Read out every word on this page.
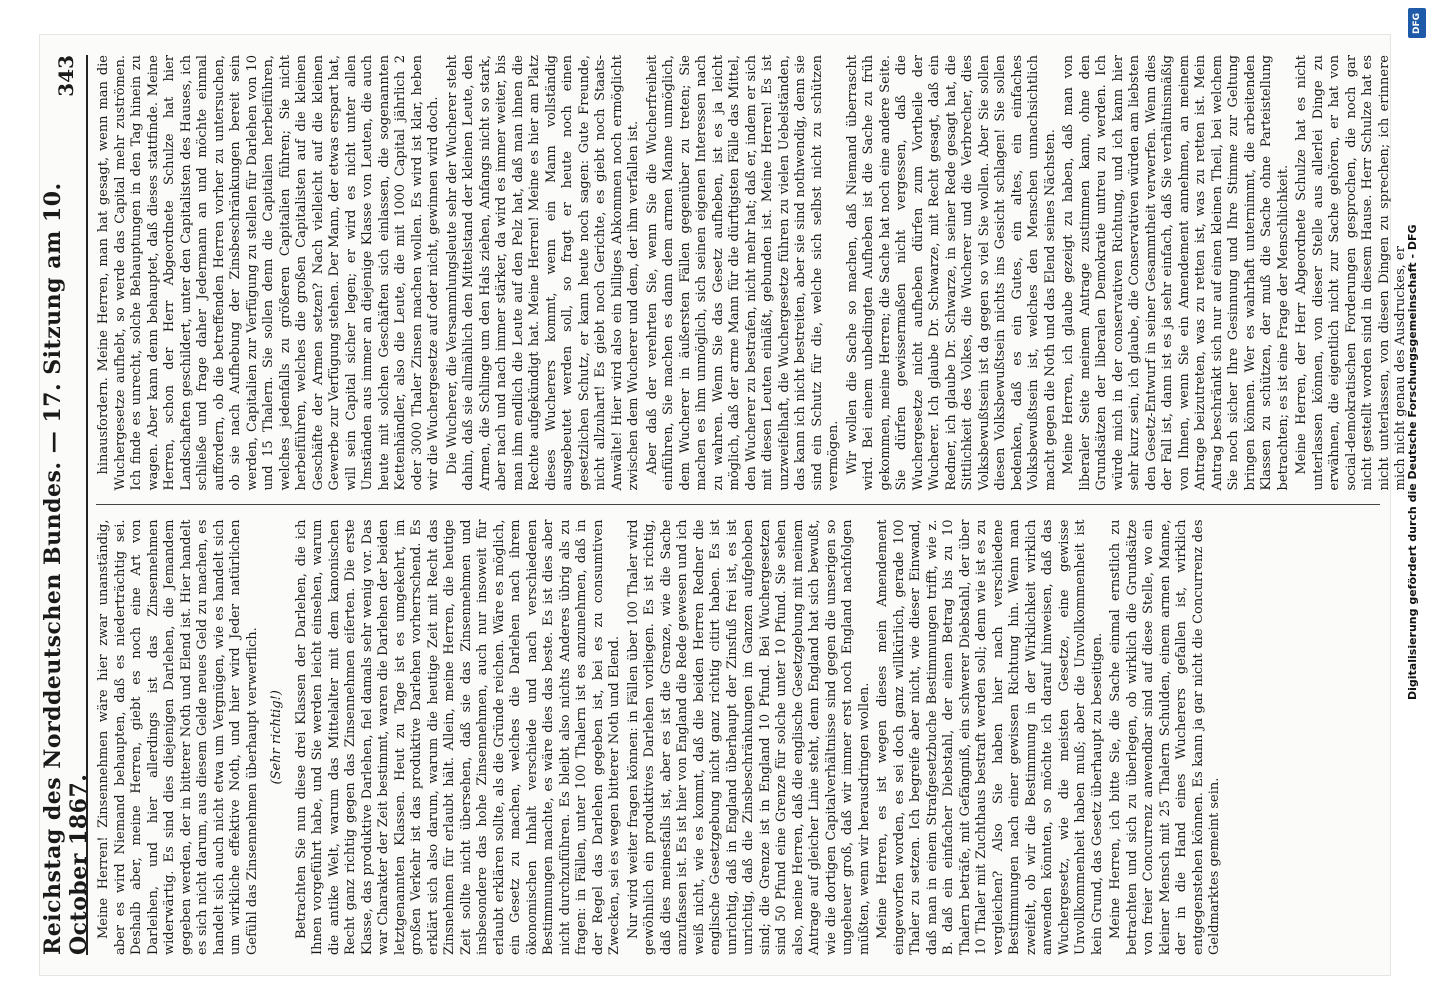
Reichstag des Norddeutschen Bundes. — 17. Sitzung am 10. October 1867.
343

Meine Herren! Zinsennehmen wäre hier zwar unanständig, aber es wird Niemand behaupten, daß es niederträchtig sei. Deshalb aber, meine Herren, giebt es noch eine Art von Darleihen, und hier allerdings ist das Zinsennehmen widerwärtig. Es sind dies diejenigen Darlehen, die Jemandem gegeben werden, der in bitterer Noth und Elend ist. Hier handelt es sich nicht darum, aus diesem Gelde neues Geld zu machen, es handelt sich auch nicht etwa um Vergnügen, wie es handelt sich um wirkliche effektive Noth, und hier wird Jeder natürlichen Gefühl das Zinsennehmen überhaupt verwerflich. (Sehr richtig!) Betrachten Sie nun diese drei Klassen der Darlehen, die ich Ihnen vorgeführt habe, und Sie werden leicht einsehen, warum die antike Welt, warum das Mittelalter mit dem kanonischen Recht ganz richtig gegen das Zinsennehmen eiferten. Die erste Klasse, das produktive Darlehen, fiel damals sehr wenig vor. Das war Charakter der Zeit bestimmt, waren die Darlehen der beiden letztgenannten Klassen. Heut zu Tage ist es umgekehrt, im großen Verkehr ist das produktive Darlehen vorherrschend. Es erklärt sich also darum, warum die heutige Zeit mit Recht das Zinsnehmen für erlaubt hält. Allein, meine Herren, die heutige Zeit sollte nicht übersehen, daß sie das Zinsennehmen und insbesondere das hohe Zinsennehmen, auch nur insoweit für erlaubt erklären sollte, als die Gründe reichen. Wäre es möglich, ein Gesetz zu machen, welches die Darlehen nach ihrem ökonomischen Inhalt verschiede und nach verschiedenen Bestimmungen machte, es wäre dies das beste. Es ist dies aber nicht durchzuführen. Es bleibt also nichts Anderes übrig als zu fragen: in Fällen, unter 100 Thalern ist es anzunehmen, daß in der Regel das Darlehen gegeben ist, bei es zu consumtiven Zwecken, sei es wegen bitterer Noth und Elend. Nur wird weiter fragen können: in Fällen über 100 Thaler wird gewöhnlich ein produktives Darlehen vorliegen. Es ist richtig, daß dies meinesfalls ist, aber es ist die Grenze, wie die Sache anzufassen ist. Es ist hier von England die Rede gewesen und ich weiß nicht, wie es kommt, daß die beiden Herren Redner die englische Gesetzgebung nicht ganz richtig citirt haben. Es ist unrichtig, daß in England überhaupt der Zinsfuß frei ist, es ist unrichtig, daß die Zinsbeschränkungen im Ganzen aufgehoben sind; die Grenze ist in England 10 Pfund. Bei Wuchergesetzen sind 50 Pfund eine Grenze für solche unter 10 Pfund. Sie sehen also, meine Herren, daß die englische Gesetzgebung mit meinem Antrage auf gleicher Linie steht, denn England hat sich bewußt, wie die dortigen Capitalverhältnisse sind gegen die unserigen so ungeheuer groß, daß wir immer erst noch England nachfolgen müßten, wenn wir herausdringen wollen. Meine Herren, es ist wegen dieses mein Amendement eingeworfen worden, es sei doch ganz willkürlich, gerade 100 Thaler zu setzen. Ich begreife aber nicht, wie dieser Einwand, daß man in einem Strafgesetzbuche Bestimmungen trifft, wie z. B. daß ein einfacher Diebstahl, der einen Betrag bis zu 10 Thalern beträfe, mit Gefängniß, ein schwerer Diebstahl, der über 10 Thaler mit Zuchthaus bestraft werden soll; denn wie ist es zu vergleichen? Also Sie haben hier nach verschiedene Bestimmungen nach einer gewissen Richtung hin. Wenn man zweifelt, ob wir die Bestimmung in der Wirklichkeit wirklich anwenden könnten, so möchte ich darauf hinweisen, daß das Wuchergesetz, wie die meisten Gesetze, eine gewisse Unvollkommenheit haben muß; aber die Unvollkommenheit ist kein Grund, das Gesetz überhaupt zu beseitigen. Meine Herren, ich bitte Sie, die Sache einmal ernstlich zu betrachten und sich zu überlegen, ob wirklich die Grundsätze von freier Concurrenz anwendbar sind auf diese Stelle, wo ein kleiner Mensch mit 25 Thalern Schulden, einem armen Manne, der in die Hand eines Wucherers gefallen ist, wirklich entgegenstehen können. Es kann ja gar nicht die Concurrenz des Geldmarktes gemeint sein.

hinausfordern. Meine Herren, man hat gesagt, wenn man die Wuchergesetze aufhebt, so werde das Capital mehr zuströmen. Ich finde es unrecht, solche Behauptungen in den Tag hinein zu wagen. Aber kann denn behauptet, daß dieses stattfinde. Meine Herren, schon der Herr Abgeordnete Schulze hat hier Landschaften geschildert, unter den Capitalisten des Hauses, ich schließe und frage daher Jedermann an und möchte einmal auffordern, ob die betreffenden Herren vorher zu untersuchen, ob sie nach Aufhebung der Zinsbeschränkungen bereit sein werden, Capitalien zur Verfügung zu stellen für Darlehen von 10 und 15 Thalern. Sie sollen denn die Capitalien herbeiführen, welches jedenfalls zu größeren Capitalien führen; Sie nicht herbeiführen, welches die großen Capitalisten auf die kleinen Geschäfte der Armen setzen? Nach vielleicht auf die kleinen Gewerbe zur Verfügung stehen. Der Mann, der etwas erspart hat, will sein Capital sicher legen; er wird es nicht unter allen Umständen aus immer an diejenige Klasse von Leuten, die auch heute mit solchen Geschäften sich einlassen, die sogenannten Kettenhändler, also die Leute, die mit 1000 Capital jährlich 2 oder 3000 Thaler Zinsen machen wollen. Es wird ist klar, heben wir die Wuchergesetze auf oder nicht, gewinnen wird doch. Die Wucherer, die Versammlungsleute sehr der Wucherer steht dahin, daß sie allmählich den Mittelstand der kleinen Leute, den Armen, die Schlinge um den Hals ziehen, Anfangs nicht so stark, aber nach und nach immer stärker, da wird es immer weiter, bis man ihm endlich die Leute auf den Pelz hat, daß man ihnen die Rechte aufgekündigt hat. Meine Herren! Meine es hier am Platz dieses Wucherers kommt, wenn ein Mann vollständig ausgebeutet werden soll, so fragt er heute noch einen gesetzlichen Schutz, er kann heute noch sagen: Gute Freunde, nicht allzuhart! Es giebt noch Gerichte, es giebt noch Staats-Anwälte! Hier wird also ein billiges Abkommen noch ermöglicht zwischen dem Wucherer und dem, der ihm verfallen ist. Aber daß der verehrten Sie, wenn Sie die Wucherfreiheit einführen, Sie machen es dann dem armen Manne unmöglich, dem Wucherer in äußersten Fällen gegenüber zu treten; Sie machen es ihm unmöglich, sich seinen eigenen Interessen nach zu wahren. Wenn Sie das Gesetz aufheben, ist es ja leicht möglich, daß der arme Mann für die dürftigsten Fälle das Mittel, den Wucherer zu bestrafen, nicht mehr hat; daß er, indem er sich mit diesen Leuten einläßt, gebunden ist. Meine Herren! Es ist unzweifelhaft, die Wuchergesetze führen zu vielen Uebelständen, das kann ich nicht bestreiten, aber sie sind nothwendig, denn sie sind ein Schutz für die, welche sich selbst nicht zu schützen vermögen. Wir wollen die Sache so machen, daß Niemand überrascht wird. Bei einem unbedingten Aufheben ist die Sache zu früh gekommen, meine Herren; die Sache hat noch eine andere Seite. Sie dürfen gewissermaßen nicht vergessen, daß die Wuchergesetze nicht aufheben dürfen zum Vortheile der Wucherer. Ich glaube Dr. Schwarze, mit Recht gesagt, daß ein Redner, ich glaube Dr. Schwarze, in seiner Rede gesagt hat, die Sittlichkeit des Volkes, die Wucherer und die Verbrecher, dies Volksbewußtsein ist da gegen so viel Sie wollen. Aber Sie sollen diesen Volksbewußtsein nichts ins Gesicht schlagen! Sie sollen bedenken, daß es ein Gutes, ein altes, ein einfaches Volksbewußtsein ist, welches den Menschen unnachsichtlich macht gegen die Noth und das Elend seines Nächsten. Meine Herren, ich glaube gezeigt zu haben, daß man von liberaler Seite meinem Antrage zustimmen kann, ohne den Grundsätzen der liberalen Demokratie untreu zu werden. Ich würde mich in der conservativen Richtung, und ich kann hier sehr kurz sein, ich glaube, die Conservativen würden am liebsten den Gesetz-Entwurf in seiner Gesammtheit verwerfen. Wenn dies der Fall ist, dann ist es ja sehr einfach, daß Sie verhältnismäßig von Ihnen, wenn Sie ein Amendement annehmen, an meinem Antrage beizutreten, was zu retten ist, was zu retten ist. Mein Antrag beschränkt sich nur auf einen kleinen Theil, bei welchem Sie noch sicher Ihre Gesinnung und Ihre Stimme zur Geltung bringen können. Wer es wahrhaft unternimmt, die arbeitenden Klassen zu schützen, der muß die Sache ohne Parteistellung betrachten; es ist eine Frage der Menschlichkeit. Meine Herren, der Herr Abgeordnete Schulze hat es nicht unterlassen können, von dieser Stelle aus allerlei Dinge zu erwähnen, die eigentlich nicht zur Sache gehören, er hat von social-demokratischen Forderungen gesprochen, die noch gar nicht gestellt worden sind in diesem Hause. Herr Schulze hat es nicht unterlassen, von diesen Dingen zu sprechen; ich erinnere mich nicht genau des Ausdruckes, er

Digitalisierung gefördert durch die Deutsche Forschungsgemeinschaft - DFG
DFG
